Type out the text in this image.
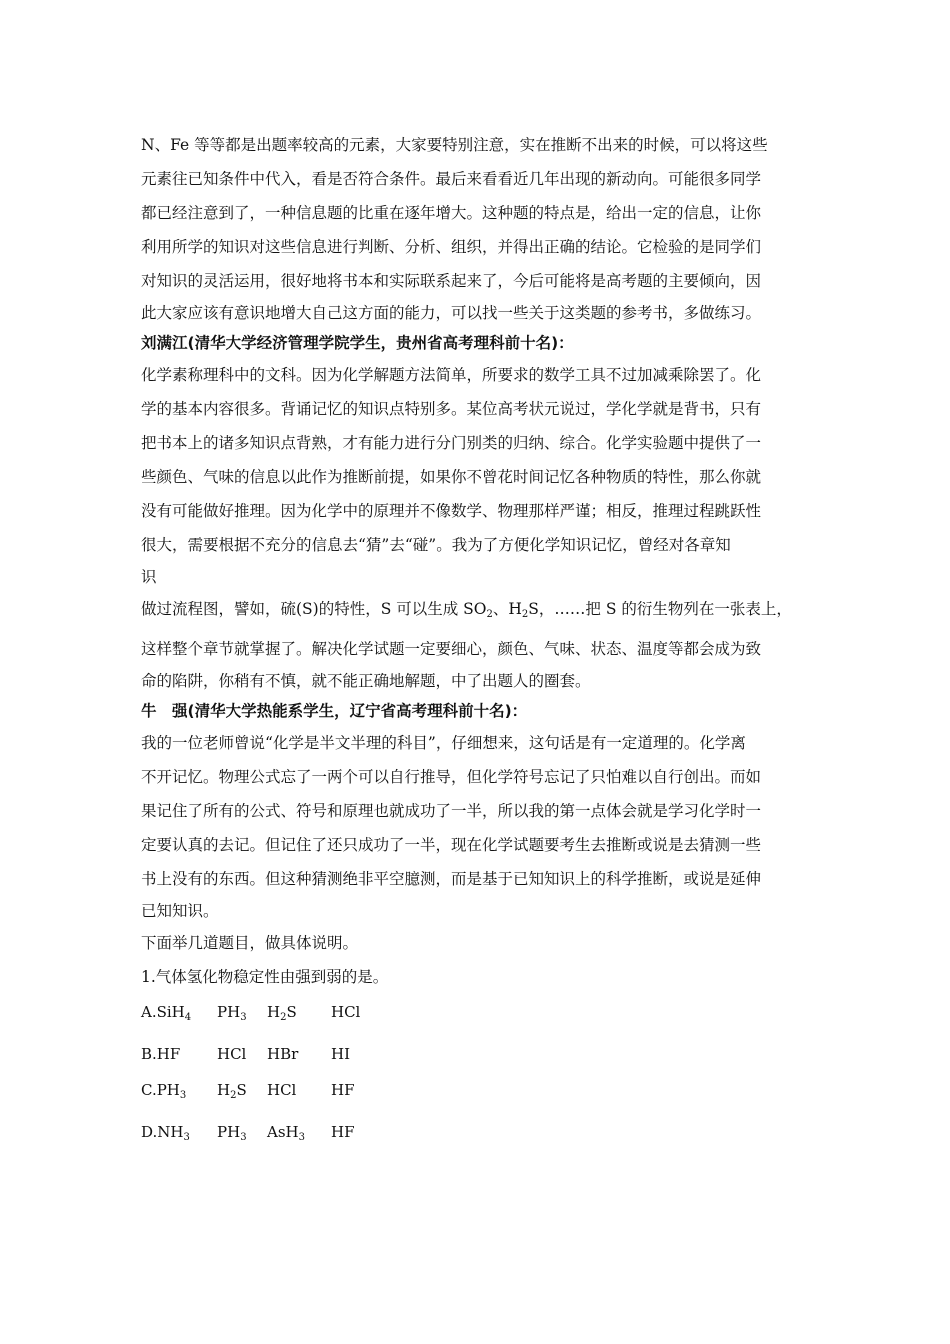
N、Fe 等等都是出题率较高的元素，大家要特别注意，实在推断不出来的时候，可以将这些

元素往已知条件中代入，看是否符合条件。最后来看看近几年出现的新动向。可能很多同学

都已经注意到了，一种信息题的比重在逐年增大。这种题的特点是，给出一定的信息，让你

利用所学的知识对这些信息进行判断、分析、组织，并得出正确的结论。它检验的是同学们

对知识的灵活运用，很好地将书本和实际联系起来了，今后可能将是高考题的主要倾向，因

此大家应该有意识地增大自己这方面的能力，可以找一些关于这类题的参考书，多做练习。

刘满江(清华大学经济管理学院学生，贵州省高考理科前十名)：

化学素称理科中的文科。因为化学解题方法简单，所要求的数学工具不过加减乘除罢了。化

学的基本内容很多。背诵记忆的知识点特别多。某位高考状元说过，学化学就是背书，只有

把书本上的诸多知识点背熟，才有能力进行分门别类的归纳、综合。化学实验题中提供了一

些颜色、气味的信息以此作为推断前提，如果你不曾花时间记忆各种物质的特性，那么你就

没有可能做好推理。因为化学中的原理并不像数学、物理那样严谨；相反，推理过程跳跃性

很大，需要根据不充分的信息去“猜”去“碰”。我为了方便化学知识记忆，曾经对各章知

识

做过流程图，譬如，硫(S)的特性，S 可以生成 $SO_2$、$H_2S$，……把 S 的衍生物列在一张表上，

这样整个章节就掌握了。解决化学试题一定要细心，颜色、气味、状态、温度等都会成为致

命的陷阱，你稍有不慎，就不能正确地解题，中了出题人的圈套。

牛　强(清华大学热能系学生，辽宁省高考理科前十名)：

我的一位老师曾说“化学是半文半理的科目”，仔细想来，这句话是有一定道理的。化学离

不开记忆。物理公式忘了一两个可以自行推导，但化学符号忘记了只怕难以自行创出。而如

果记住了所有的公式、符号和原理也就成功了一半，所以我的第一点体会就是学习化学时一

定要认真的去记。但记住了还只成功了一半，现在化学试题要考生去推断或说是去猜测一些

书上没有的东西。但这种猜测绝非平空臆测，而是基于已知知识上的科学推断，或说是延伸

已知知识。

下面举几道题目，做具体说明。

1.气体氢化物稳定性由强到弱的是。

A.SiH$_4$ $PH_3$ $H_2S$ HCl

B.HF HCl HBr HI

$C.PH_3$ $H_2S$ HCl HF

$D.NH_3$ $PH_3$ AsH$_3$ HF
